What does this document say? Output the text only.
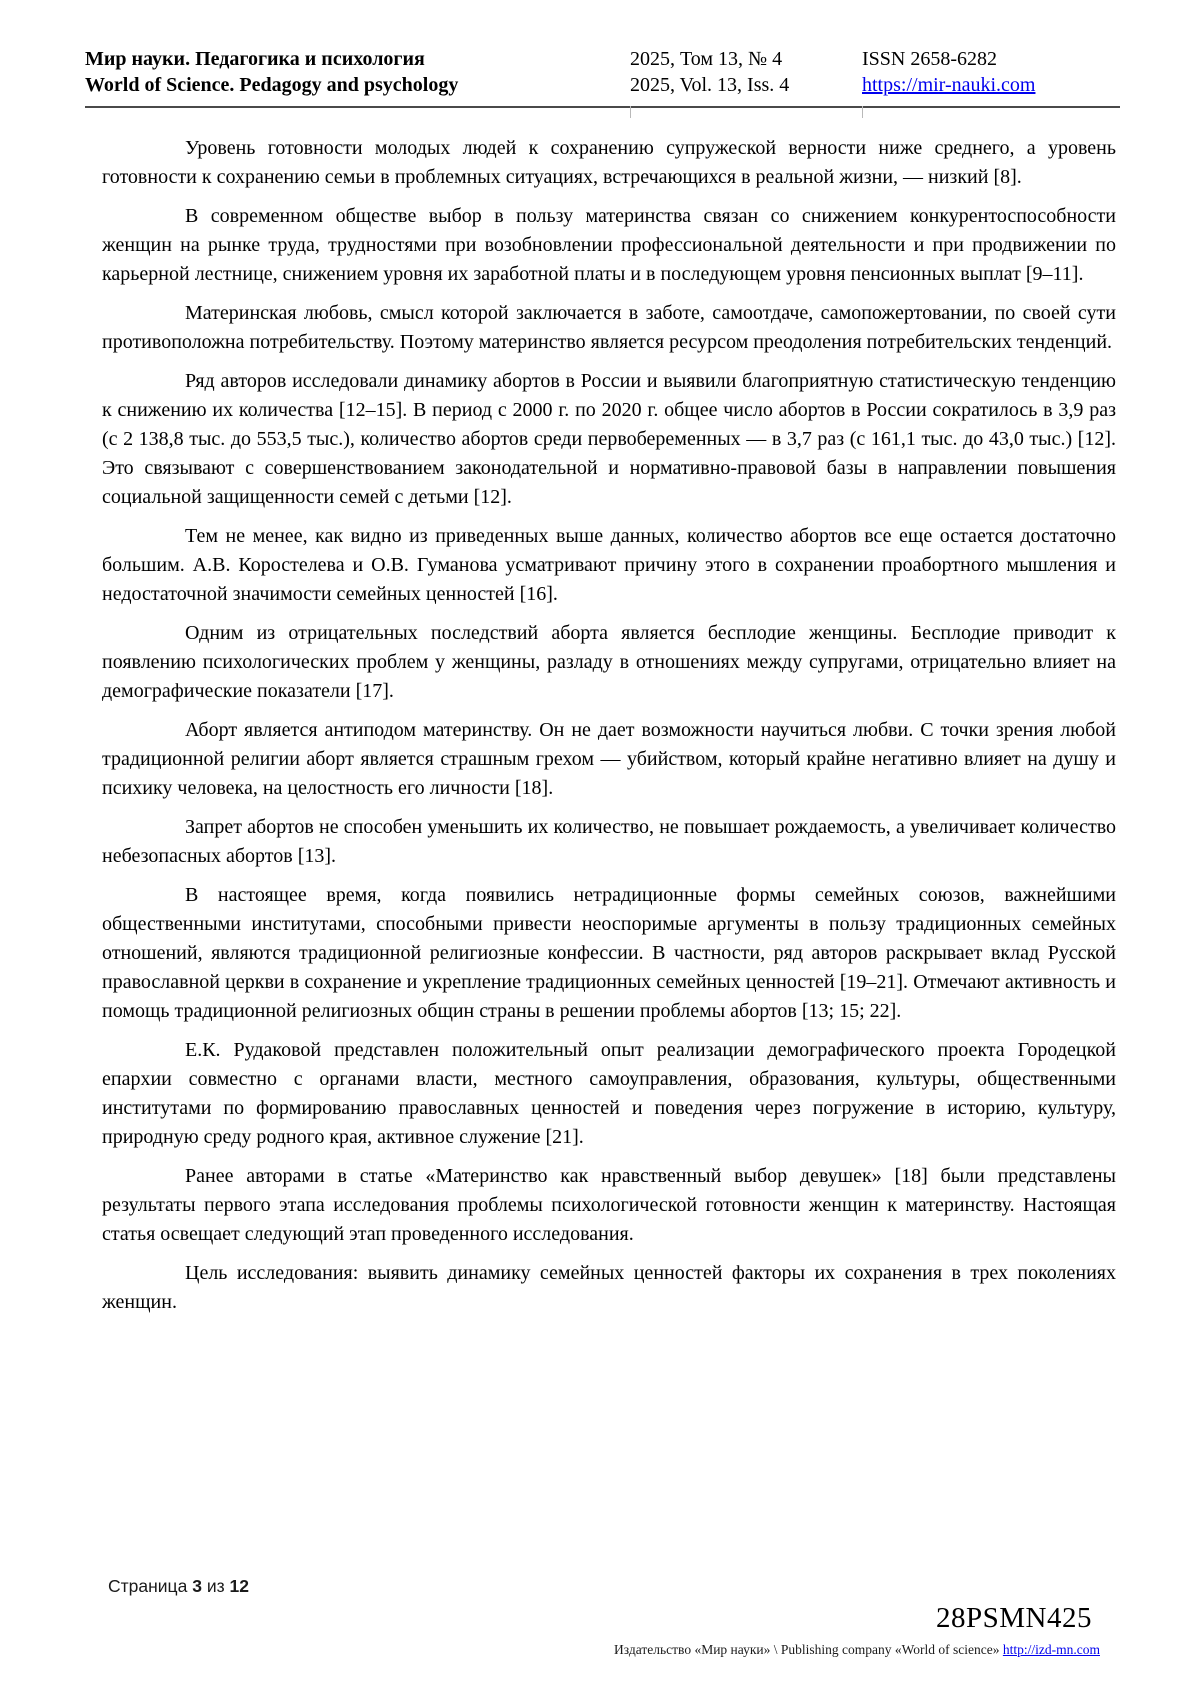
Мир науки. Педагогика и психология
World of Science. Pedagogy and psychology
2025, Том 13, № 4
2025, Vol. 13, Iss. 4
ISSN 2658-6282
https://mir-nauki.com

Уровень готовности молодых людей к сохранению супружеской верности ниже среднего, а уровень готовности к сохранению семьи в проблемных ситуациях, встречающихся в реальной жизни, — низкий [8].

В современном обществе выбор в пользу материнства связан со снижением конкурентоспособности женщин на рынке труда, трудностями при возобновлении профессиональной деятельности и при продвижении по карьерной лестнице, снижением уровня их заработной платы и в последующем уровня пенсионных выплат [9–11].

Материнская любовь, смысл которой заключается в заботе, самоотдаче, самопожертовании, по своей сути противоположна потребительству. Поэтому материнство является ресурсом преодоления потребительских тенденций.

Ряд авторов исследовали динамику абортов в России и выявили благоприятную статистическую тенденцию к снижению их количества [12–15]. В период с 2000 г. по 2020 г. общее число абортов в России сократилось в 3,9 раз (с 2 138,8 тыс. до 553,5 тыс.), количество абортов среди первобеременных — в 3,7 раз (с 161,1 тыс. до 43,0 тыс.) [12]. Это связывают с совершенствованием законодательной и нормативно-правовой базы в направлении повышения социальной защищенности семей с детьми [12].

Тем не менее, как видно из приведенных выше данных, количество абортов все еще остается достаточно большим. А.В. Коростелева и О.В. Гуманова усматривают причину этого в сохранении проабортного мышления и недостаточной значимости семейных ценностей [16].

Одним из отрицательных последствий аборта является бесплодие женщины. Бесплодие приводит к появлению психологических проблем у женщины, разладу в отношениях между супругами, отрицательно влияет на демографические показатели [17].

Аборт является антиподом материнству. Он не дает возможности научиться любви. С точки зрения любой традиционной религии аборт является страшным грехом — убийством, который крайне негативно влияет на душу и психику человека, на целостность его личности [18].

Запрет абортов не способен уменьшить их количество, не повышает рождаемость, а увеличивает количество небезопасных абортов [13].

В настоящее время, когда появились нетрадиционные формы семейных союзов, важнейшими общественными институтами, способными привести неоспоримые аргументы в пользу традиционных семейных отношений, являются традиционной религиозные конфессии. В частности, ряд авторов раскрывает вклад Русской православной церкви в сохранение и укрепление традиционных семейных ценностей [19–21]. Отмечают активность и помощь традиционной религиозных общин страны в решении проблемы абортов [13; 15; 22].

Е.К. Рудаковой представлен положительный опыт реализации демографического проекта Городецкой епархии совместно с органами власти, местного самоуправления, образования, культуры, общественными институтами по формированию православных ценностей и поведения через погружение в историю, культуру, природную среду родного края, активное служение [21].

Ранее авторами в статье «Материнство как нравственный выбор девушек» [18] были представлены результаты первого этапа исследования проблемы психологической готовности женщин к материнству. Настоящая статья освещает следующий этап проведенного исследования.

Цель исследования: выявить динамику семейных ценностей факторы их сохранения в трех поколениях женщин.

Страница 3 из 12
28PSMN425
Издательство «Мир науки» \ Publishing company «World of science» http://izd-mn.com
